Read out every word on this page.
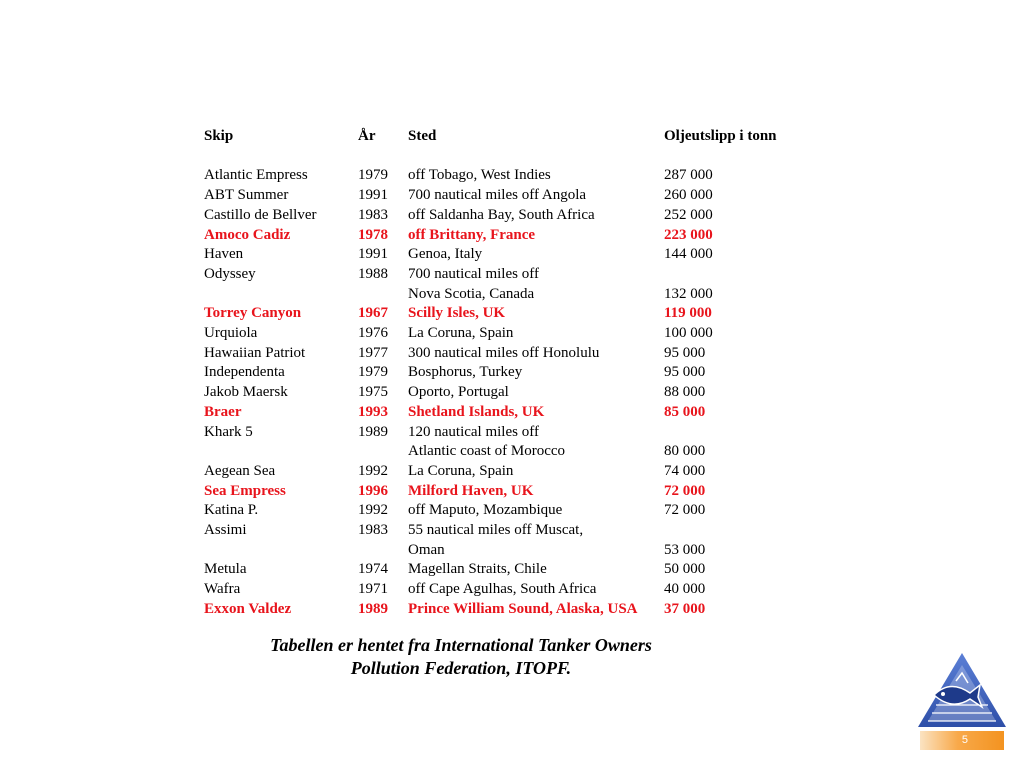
Skip	År	Sted	Oljeutslipp i tonn

Atlantic Empress	1979	off Tobago, West Indies	287 000
ABT Summer	1991	700 nautical miles off Angola	260 000
Castillo de Bellver	1983	off Saldanha Bay, South Africa	252 000
Amoco Cadiz	1978	off Brittany, France	223 000
Haven	1991	Genoa, Italy	144 000
Odyssey	1988	700 nautical miles off	
		Nova Scotia, Canada	132 000
Torrey Canyon	1967	Scilly Isles, UK	119 000
Urquiola	1976	La Coruna, Spain	100 000
Hawaiian Patriot	1977	300 nautical miles off Honolulu	95 000
Independenta	1979	Bosphorus, Turkey	95 000
Jakob Maersk	1975	Oporto, Portugal	88 000
Braer	1993	Shetland Islands, UK	85 000
Khark 5	1989	120 nautical miles off	
		Atlantic coast of Morocco	80 000
Aegean Sea	1992	La Coruna, Spain	74 000
Sea Empress	1996	Milford Haven, UK	72 000
Katina P.	1992	off Maputo, Mozambique	72 000
Assimi	1983	55 nautical miles off Muscat,	
		Oman	53 000
Metula	1974	Magellan Straits, Chile	50 000
Wafra	1971	off Cape Agulhas, South Africa	40 000
Exxon Valdez	1989	Prince William Sound, Alaska, USA	37 000
Tabellen er hentet fra International Tanker Owners
Pollution Federation, ITOPF.
5
